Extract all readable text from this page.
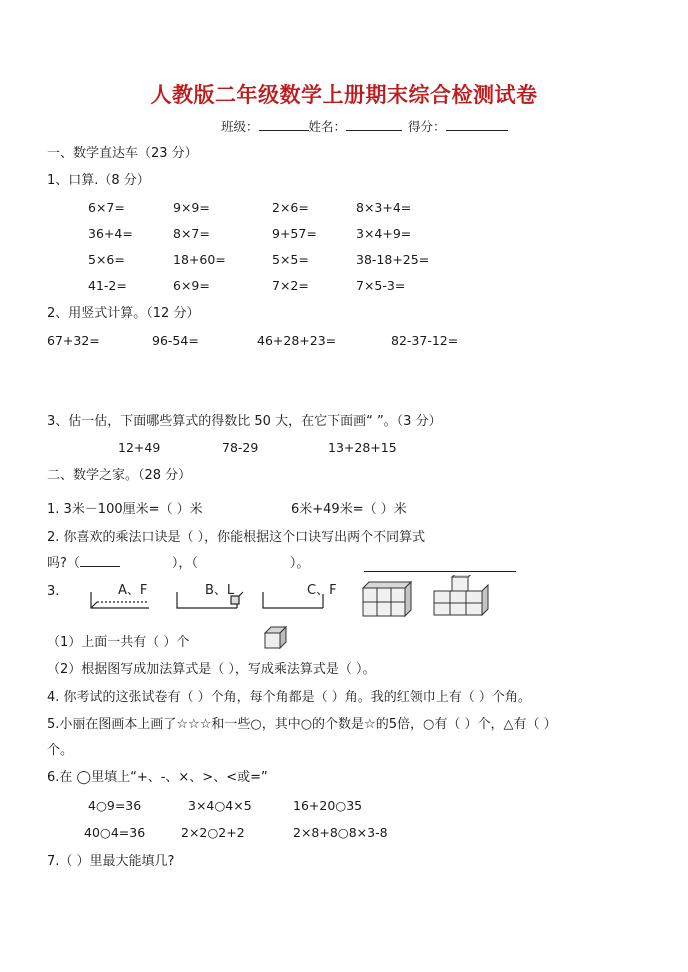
人教版二年级数学上册期末综合检测试卷
班级：	姓名：	得分：
一、数学直达车（23 分）
1、口算.（8 分）
6×7=	9×9=	2×6=	8×3+4=
36+4=	8×7=	9+57=	3×4+9=
5×6=	18+60=	5×5=	38-18+25=
41-2=	6×9=	7×2=	7×5-3=
2、用竖式计算。（12 分）
67+32=	96-54=	46+28+23=	82-37-12=
3、估一估，下面哪些算式的得数比 50 大，在它下面画“ ”。（3 分）
12+49	78-29	13+28+15
二、数学之家。（28 分）
1. 3米－100厘米=（ ）米	6米+49米=（ ）米
2. 你喜欢的乘法口诀是（ ），你能根据这个口诀写出两个不同算式
吗?（	），（	）。
3.	A、F	B、L	C、F
（1）上面一共有（ ）个
（2）根据图写成加法算式是（ ），写成乘法算式是（ ）。
4. 你考试的这张试卷有（ ）个角，每个角都是（ ）角。我的红领巾上有（ ）个角。
5.小丽在图画本上画了☆☆☆和一些○，其中○的个数是☆的5倍，○有（ ）个，△有（ ）
个。
6.在 ◯里填上“+、-、×、>、<或=”
4○9=36	3×4○4×5	16+20○35
40○4=36	2×2○2+2	2×8+8○8×3-8
7.（ ）里最大能填几?
